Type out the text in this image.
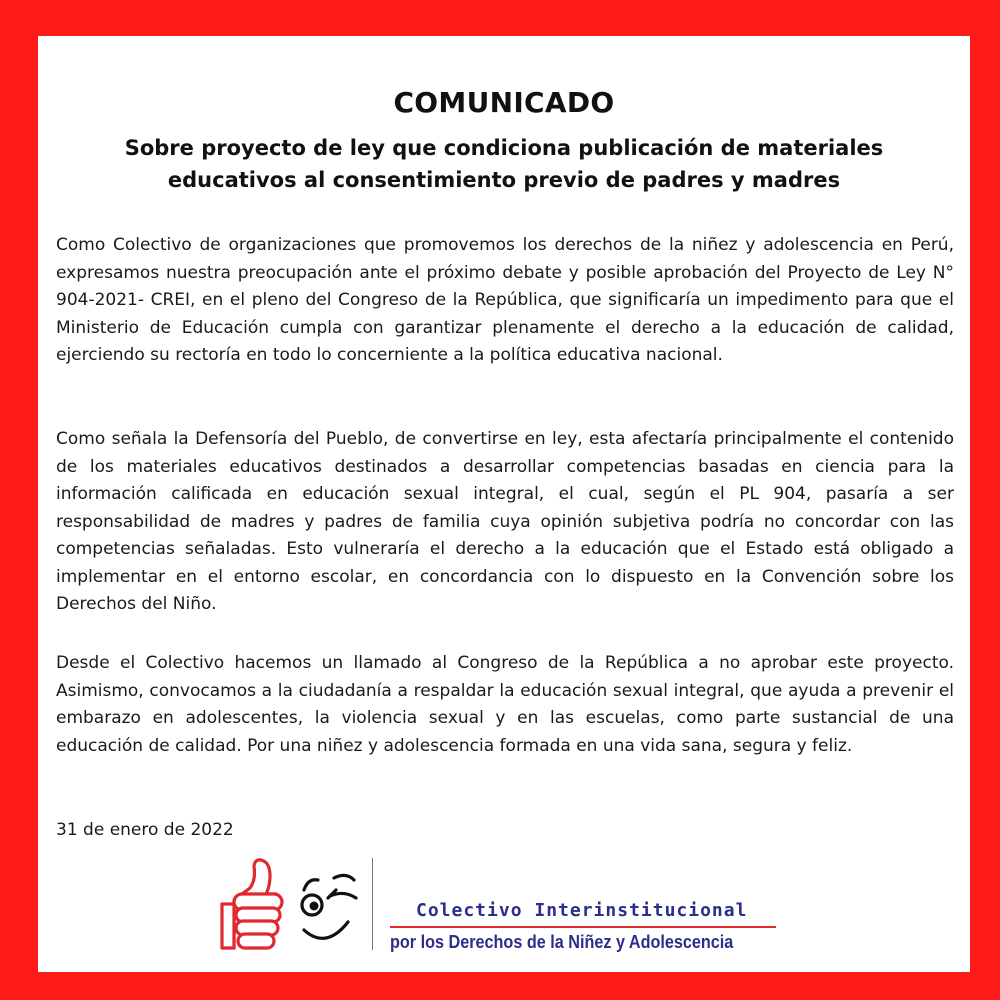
COMUNICADO
Sobre proyecto de ley que condiciona publicación de materiales educativos al consentimiento previo de padres y madres

Como Colectivo de organizaciones que promovemos los derechos de la niñez y adolescencia en Perú, expresamos nuestra preocupación ante el próximo debate y posible aprobación del Proyecto de Ley N° 904-2021- CREI, en el pleno del Congreso de la República, que significaría un impedimento para que el Ministerio de Educación cumpla con garantizar plenamente el derecho a la educación de calidad, ejerciendo su rectoría en todo lo concerniente a la política educativa nacional.

Como señala la Defensoría del Pueblo, de convertirse en ley, esta afectaría principalmente el contenido de los materiales educativos destinados a desarrollar competencias basadas en ciencia para la información calificada en educación sexual integral, el cual, según el PL 904, pasaría a ser responsabilidad de madres y padres de familia cuya opinión subjetiva podría no concordar con las competencias señaladas. Esto vulneraría el derecho a la educación que el Estado está obligado a implementar en el entorno escolar, en concordancia con lo dispuesto en la Convención sobre los Derechos del Niño.

Desde el Colectivo hacemos un llamado al Congreso de la República a no aprobar este proyecto. Asimismo, convocamos a la ciudadanía a respaldar la educación sexual integral, que ayuda a prevenir el embarazo en adolescentes, la violencia sexual y en las escuelas, como parte sustancial de una educación de calidad. Por una niñez y adolescencia formada en una vida sana, segura y feliz.

31 de enero de 2022
Colectivo Interinstitucional
por los Derechos de la Niñez y Adolescencia
